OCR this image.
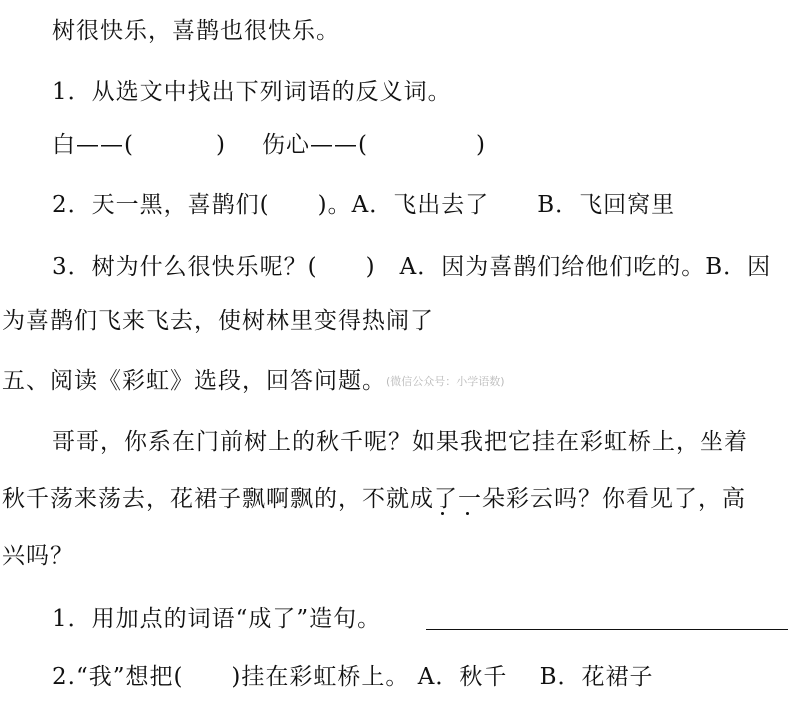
树很快乐，喜鹊也很快乐。
1．从选文中找出下列词语的反义词。
白——(	) 伤心——(	)
2．天一黑，喜鹊们(　　)。A．飞出去了　　B．飞回窝里
3．树为什么很快乐呢？(　　)　A．因为喜鹊们给他们吃的。B．因
为喜鹊们飞来飞去，使树林里变得热闹了
五、阅读《彩虹》选段，回答问题。(微信公众号：小学语数)
哥哥，你系在门前树上的秋千呢？如果我把它挂在彩虹桥上，坐着
秋千荡来荡去，花裙子飘啊飘的，不就成了一朵彩云吗？你看见了，高
兴吗？
1．用加点的词语“成了”造句。
2.“我”想把(　　)挂在彩虹桥上。 A．秋千　 B．花裙子
